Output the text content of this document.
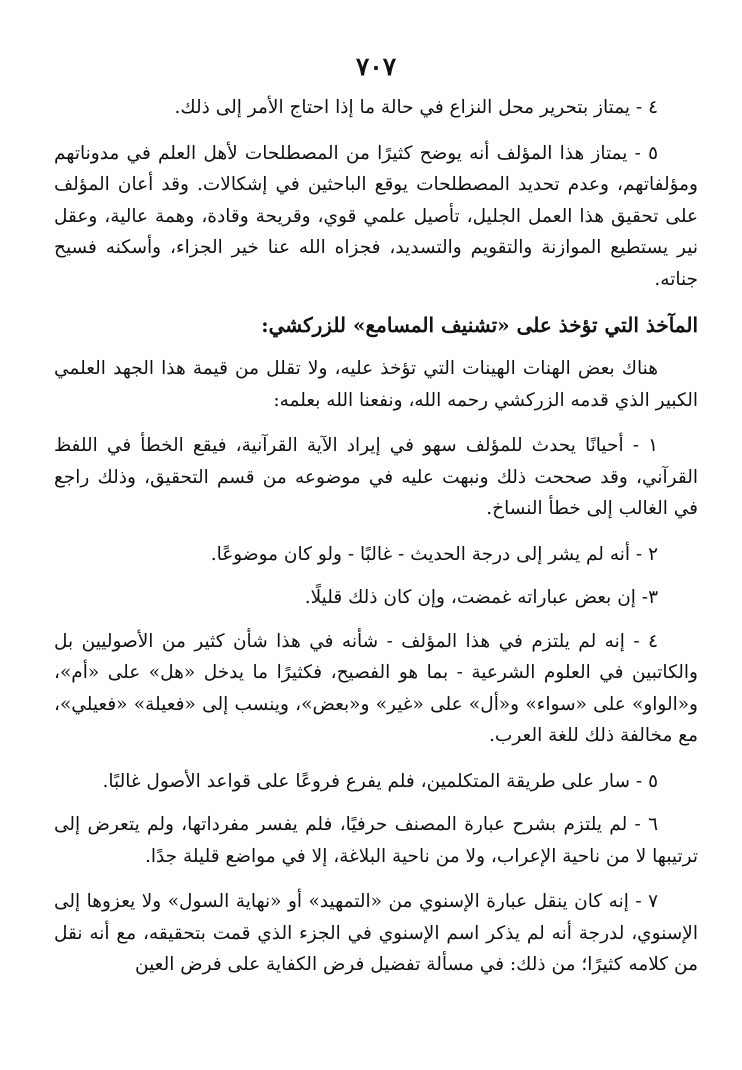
٧٠٧

٤ - يمتاز بتحرير محل النزاع في حالة ما إذا احتاج الأمر إلى ذلك.

٥ - يمتاز هذا المؤلف أنه يوضح كثيرًا من المصطلحات لأهل العلم في مدوناتهم ومؤلفاتهم، وعدم تحديد المصطلحات يوقع الباحثين في إشكالات. وقد أعان المؤلف على تحقيق هذا العمل الجليل، تأصيل علمي قوي، وقريحة وقادة، وهمة عالية، وعقل نير يستطيع الموازنة والتقويم والتسديد، فجزاه الله عنا خير الجزاء، وأسكنه فسيح جناته.

المآخذ التي تؤخذ على «تشنيف المسامع» للزركشي:

هناك بعض الهنات الهينات التي تؤخذ عليه، ولا تقلل من قيمة هذا الجهد العلمي الكبير الذي قدمه الزركشي رحمه الله، ونفعنا الله بعلمه:

١ - أحيانًا يحدث للمؤلف سهو في إيراد الآية القرآنية، فيقع الخطأ في اللفظ القرآني، وقد صححت ذلك ونبهت عليه في موضوعه من قسم التحقيق، وذلك راجع في الغالب إلى خطأ النساخ.

٢ - أنه لم يشر إلى درجة الحديث - غالبًا - ولو كان موضوعًا.

٣- إن بعض عباراته غمضت، وإن كان ذلك قليلًا.

٤ - إنه لم يلتزم في هذا المؤلف - شأنه في هذا شأن كثير من الأصوليين بل والكاتبين في العلوم الشرعية - بما هو الفصيح، فكثيرًا ما يدخل «هل» على «أم»، و«الواو» على «سواء» و«أل» على «غير» و«بعض»، وينسب إلى «فعيلة» «فعيلي»، مع مخالفة ذلك للغة العرب.

٥ - سار على طريقة المتكلمين، فلم يفرع فروعًا على قواعد الأصول غالبًا.

٦ - لم يلتزم بشرح عبارة المصنف حرفيًا، فلم يفسر مفرداتها، ولم يتعرض إلى ترتيبها لا من ناحية الإعراب، ولا من ناحية البلاغة، إلا في مواضع قليلة جدًا.

٧ - إنه كان ينقل عبارة الإسنوي من «التمهيد» أو «نهاية السول» ولا يعزوها إلى الإسنوي، لدرجة أنه لم يذكر اسم الإسنوي في الجزء الذي قمت بتحقيقه، مع أنه نقل من كلامه كثيرًا؛ من ذلك: في مسألة تفضيل فرض الكفاية على فرض العين
